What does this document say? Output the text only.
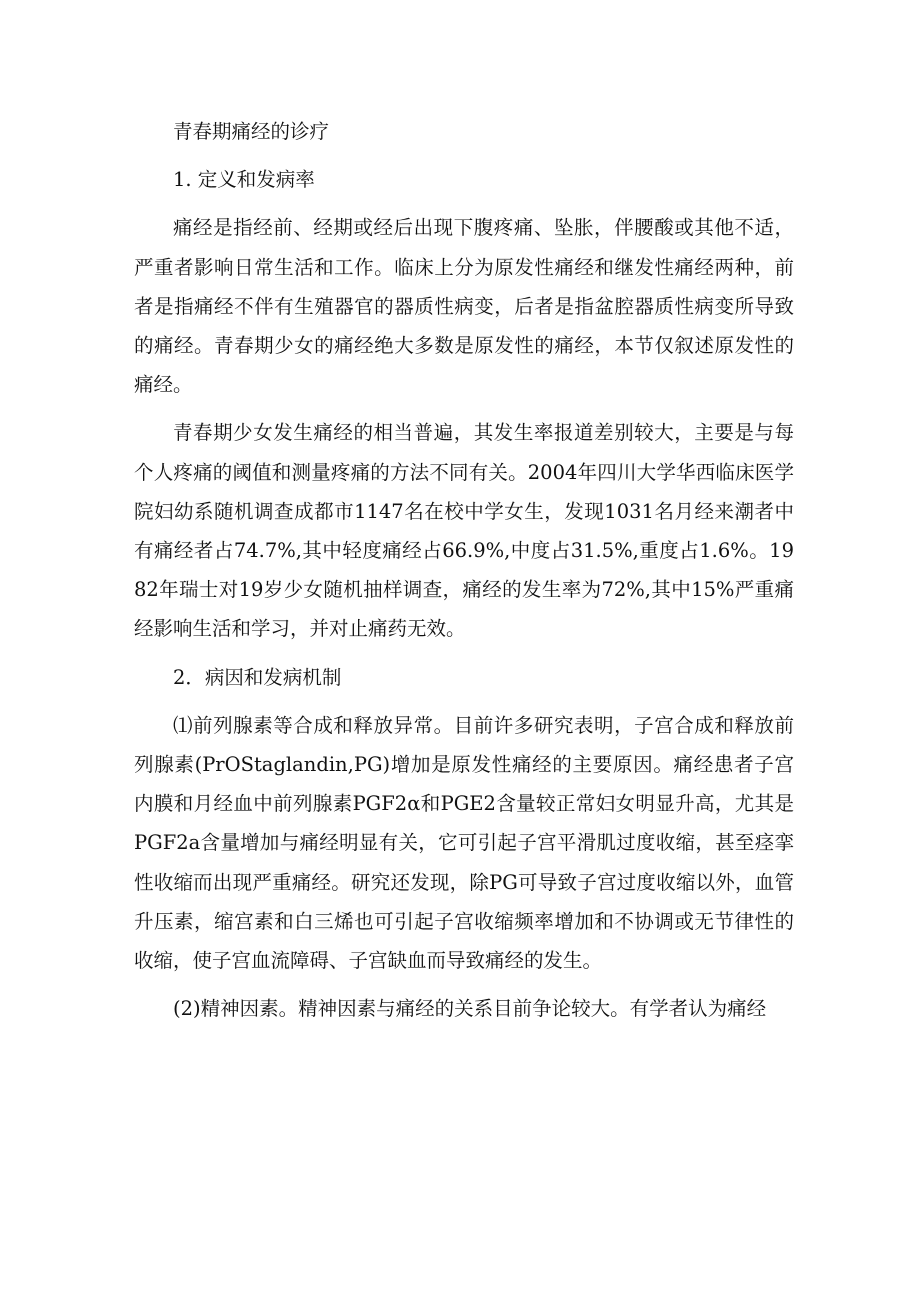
青春期痛经的诊疗

1. 定义和发病率

痛经是指经前、经期或经后出现下腹疼痛、坠胀，伴腰酸或其他不适，严重者影响日常生活和工作。临床上分为原发性痛经和继发性痛经两种，前者是指痛经不伴有生殖器官的器质性病变，后者是指盆腔器质性病变所导致的痛经。青春期少女的痛经绝大多数是原发性的痛经，本节仅叙述原发性的痛经。

青春期少女发生痛经的相当普遍，其发生率报道差别较大，主要是与每个人疼痛的阈值和测量疼痛的方法不同有关。2004年四川大学华西临床医学院妇幼系随机调查成都市1147名在校中学女生，发现1031名月经来潮者中有痛经者占74.7%,其中轻度痛经占66.9%,中度占31.5%,重度占1.6%。1982年瑞士对19岁少女随机抽样调查，痛经的发生率为72%,其中15%严重痛经影响生活和学习，并对止痛药无效。

2．病因和发病机制

⑴前列腺素等合成和释放异常。目前许多研究表明，子宫合成和释放前列腺素(PrOStaglandin,PG)增加是原发性痛经的主要原因。痛经患者子宫内膜和月经血中前列腺素PGF2α和PGE2含量较正常妇女明显升高，尤其是PGF2a含量增加与痛经明显有关，它可引起子宫平滑肌过度收缩，甚至痉挛性收缩而出现严重痛经。研究还发现，除PG可导致子宫过度收缩以外，血管升压素，缩宫素和白三烯也可引起子宫收缩频率增加和不协调或无节律性的收缩，使子宫血流障碍、子宫缺血而导致痛经的发生。

(2)精神因素。精神因素与痛经的关系目前争论较大。有学者认为痛经
